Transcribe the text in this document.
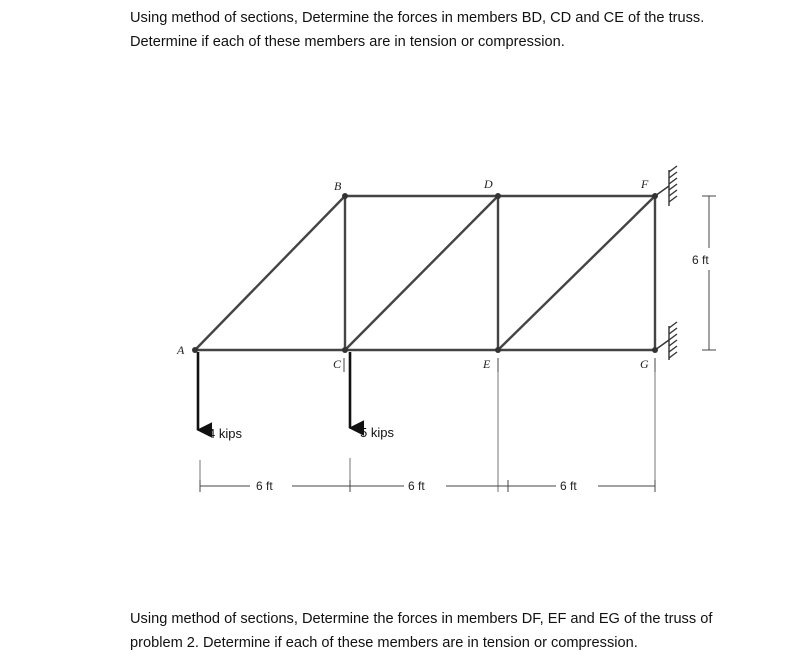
Using method of sections, Determine the forces in members BD, CD and CE of the truss.
Determine if each of these members are in tension or compression.

A
B
C
D
E
F
G
4 kips	5 kips
6 ft	6 ft	6 ft
6 ft

Using method of sections, Determine the forces in members DF, EF and EG of the truss of
problem 2. Determine if each of these members are in tension or compression.
